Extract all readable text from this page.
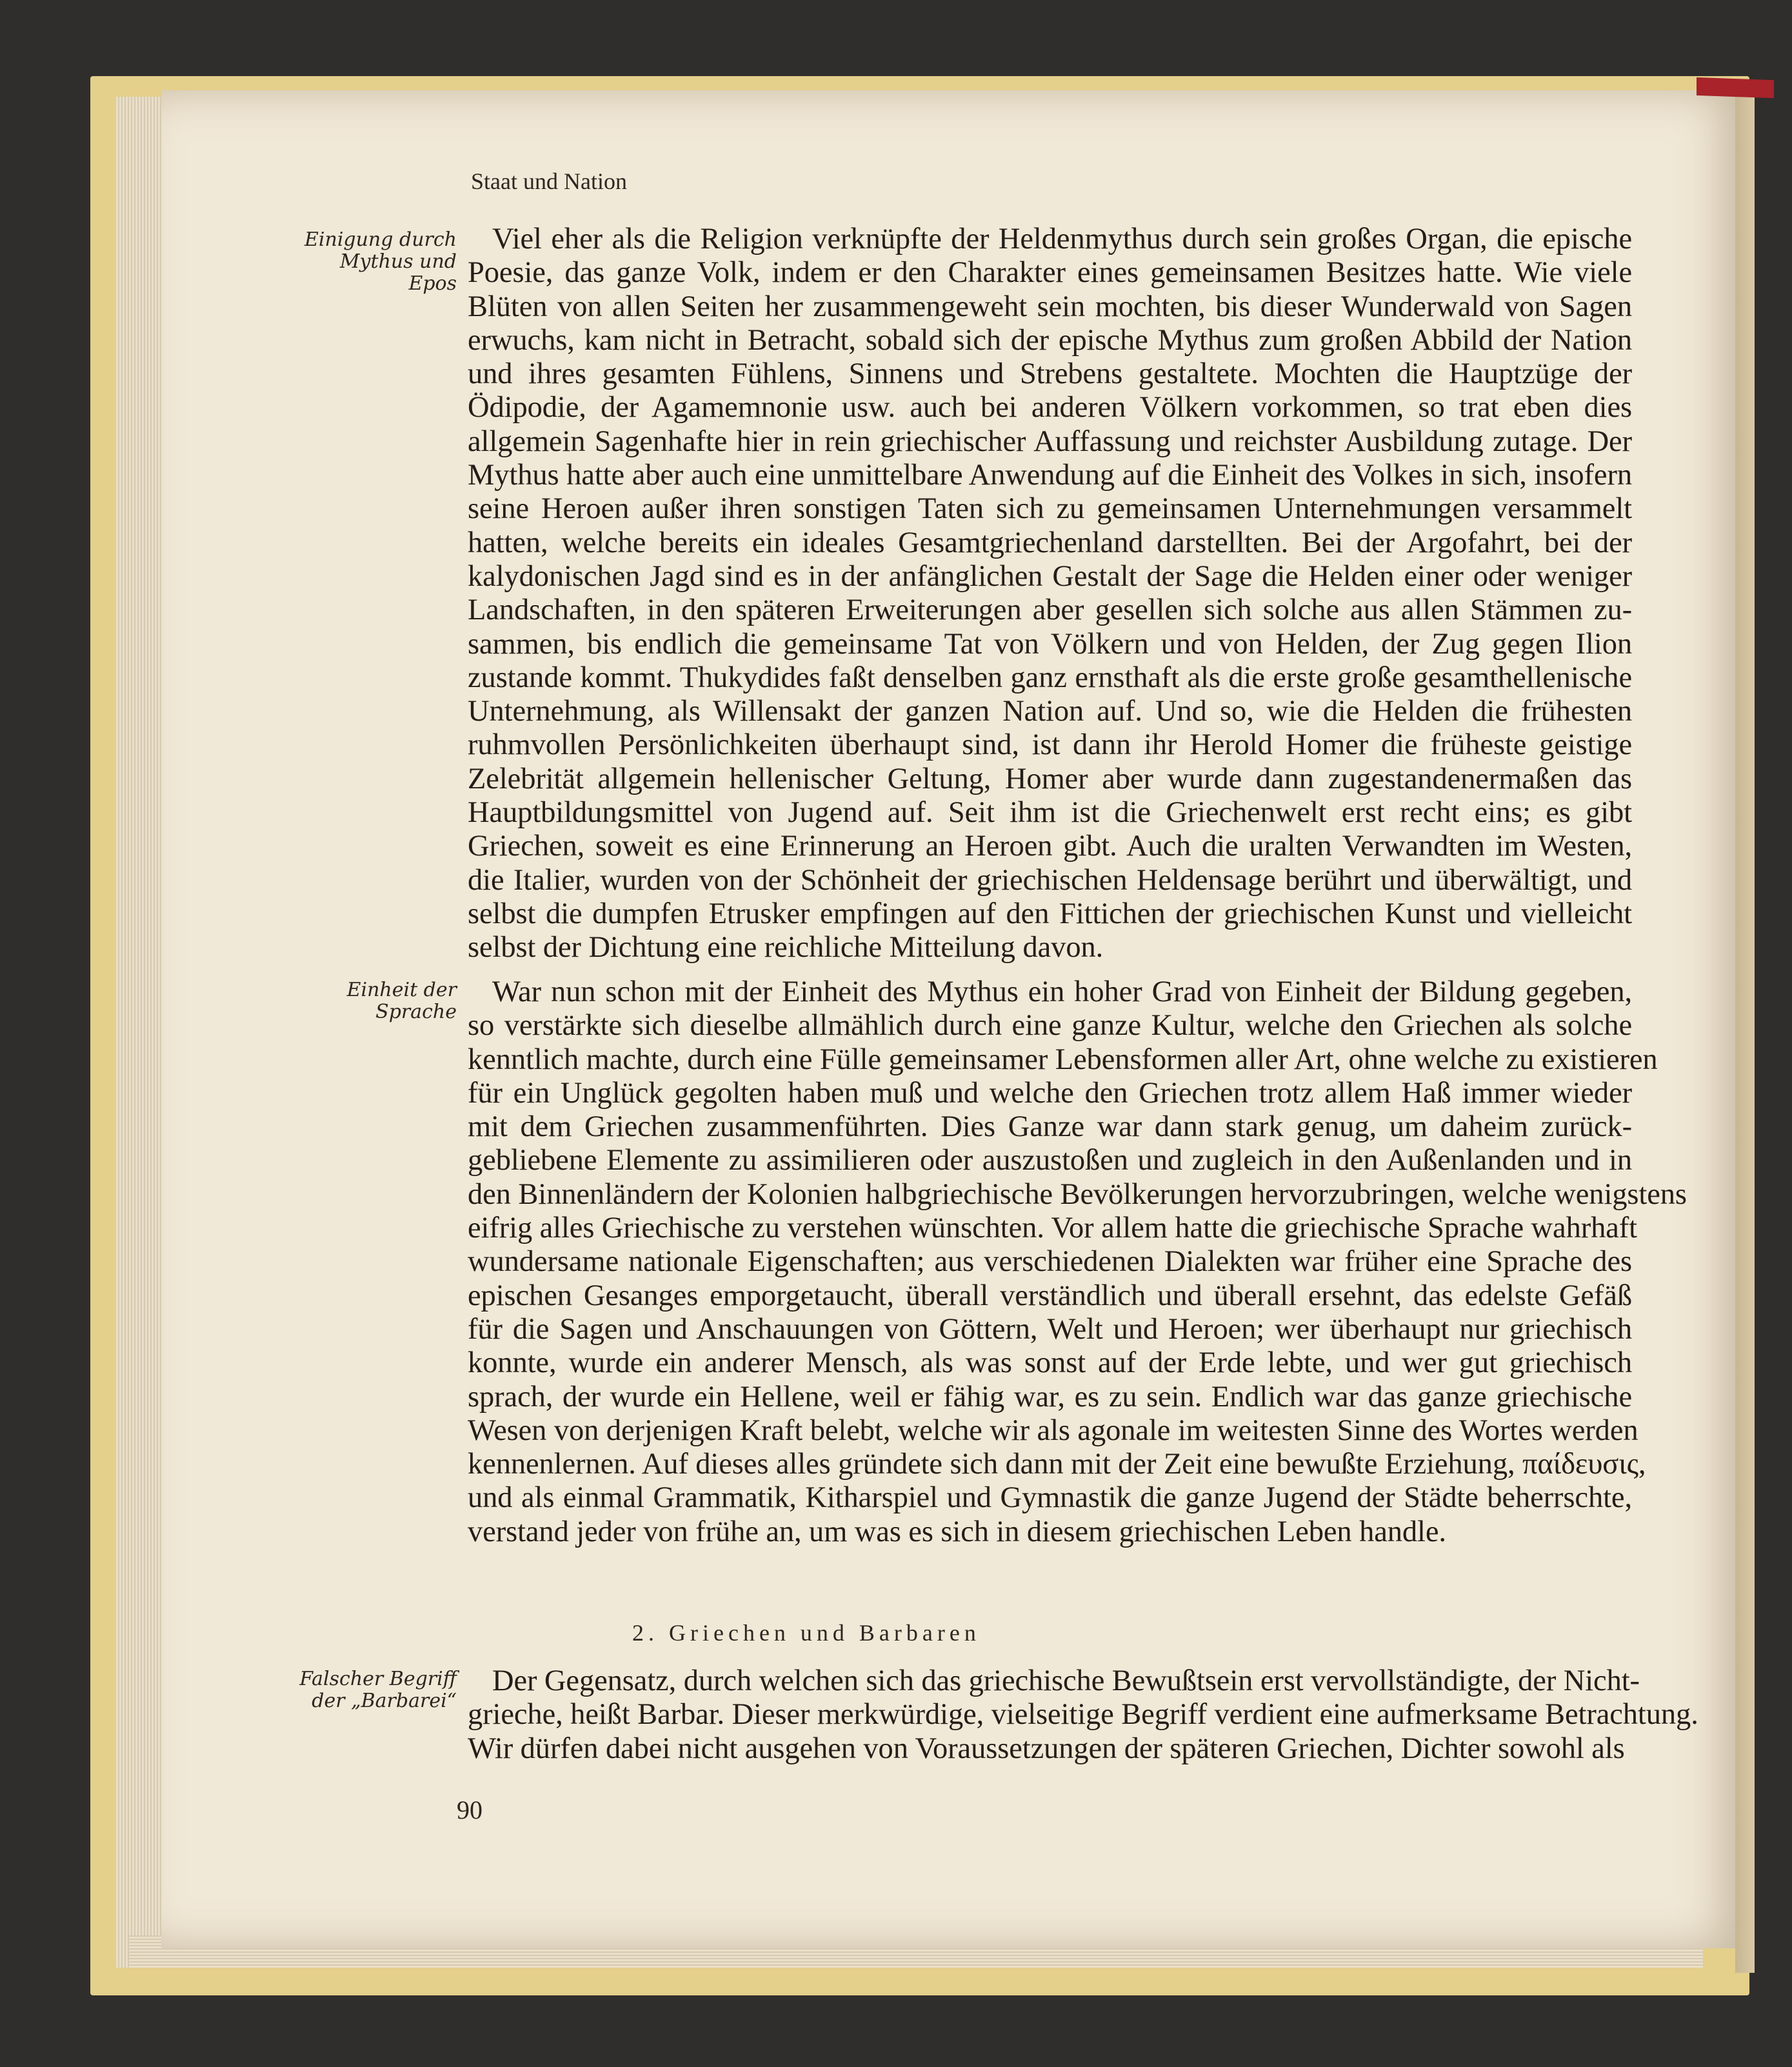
Staat und Nation
Einigung durch
Mythus und
Epos
Einheit der
Sprache
Falscher Begriff
der „Barbarei“
Viel eher als die Religion verknüpfte der Heldenmythus durch sein großes Organ, die epische
Poesie, das ganze Volk, indem er den Charakter eines gemeinsamen Besitzes hatte. Wie viele
Blüten von allen Seiten her zusammengeweht sein mochten, bis dieser Wunderwald von Sagen
erwuchs, kam nicht in Betracht, sobald sich der epische Mythus zum großen Abbild der Nation
und ihres gesamten Fühlens, Sinnens und Strebens gestaltete. Mochten die Hauptzüge der
Ödipodie, der Agamemnonie usw. auch bei anderen Völkern vorkommen, so trat eben dies
allgemein Sagenhafte hier in rein griechischer Auffassung und reichster Ausbildung zutage. Der
Mythus hatte aber auch eine unmittelbare Anwendung auf die Einheit des Volkes in sich, insofern
seine Heroen außer ihren sonstigen Taten sich zu gemeinsamen Unternehmungen versammelt
hatten, welche bereits ein ideales Gesamtgriechenland darstellten. Bei der Argofahrt, bei der
kalydonischen Jagd sind es in der anfänglichen Gestalt der Sage die Helden einer oder weniger
Landschaften, in den späteren Erweiterungen aber gesellen sich solche aus allen Stämmen zu-
sammen, bis endlich die gemeinsame Tat von Völkern und von Helden, der Zug gegen Ilion
zustande kommt. Thukydides faßt denselben ganz ernsthaft als die erste große gesamthellenische
Unternehmung, als Willensakt der ganzen Nation auf. Und so, wie die Helden die frühesten
ruhmvollen Persönlichkeiten überhaupt sind, ist dann ihr Herold Homer die früheste geistige
Zelebrität allgemein hellenischer Geltung, Homer aber wurde dann zugestandenermaßen das
Hauptbildungsmittel von Jugend auf. Seit ihm ist die Griechenwelt erst recht eins; es gibt
Griechen, soweit es eine Erinnerung an Heroen gibt. Auch die uralten Verwandten im Westen,
die Italier, wurden von der Schönheit der griechischen Heldensage berührt und überwältigt, und
selbst die dumpfen Etrusker empfingen auf den Fittichen der griechischen Kunst und vielleicht
selbst der Dichtung eine reichliche Mitteilung davon.
War nun schon mit der Einheit des Mythus ein hoher Grad von Einheit der Bildung gegeben,
so verstärkte sich dieselbe allmählich durch eine ganze Kultur, welche den Griechen als solche
kenntlich machte, durch eine Fülle gemeinsamer Lebensformen aller Art, ohne welche zu existieren
für ein Unglück gegolten haben muß und welche den Griechen trotz allem Haß immer wieder
mit dem Griechen zusammenführten. Dies Ganze war dann stark genug, um daheim zurück-
gebliebene Elemente zu assimilieren oder auszustoßen und zugleich in den Außenlanden und in
den Binnenländern der Kolonien halbgriechische Bevölkerungen hervorzubringen, welche wenigstens
eifrig alles Griechische zu verstehen wünschten. Vor allem hatte die griechische Sprache wahrhaft
wundersame nationale Eigenschaften; aus verschiedenen Dialekten war früher eine Sprache des
epischen Gesanges emporgetaucht, überall verständlich und überall ersehnt, das edelste Gefäß
für die Sagen und Anschauungen von Göttern, Welt und Heroen; wer überhaupt nur griechisch
konnte, wurde ein anderer Mensch, als was sonst auf der Erde lebte, und wer gut griechisch
sprach, der wurde ein Hellene, weil er fähig war, es zu sein. Endlich war das ganze griechische
Wesen von derjenigen Kraft belebt, welche wir als agonale im weitesten Sinne des Wortes werden
kennenlernen. Auf dieses alles gründete sich dann mit der Zeit eine bewußte Erziehung, παίδευσις,
und als einmal Grammatik, Kitharspiel und Gymnastik die ganze Jugend der Städte beherrschte,
verstand jeder von frühe an, um was es sich in diesem griechischen Leben handle.
2. Griechen und Barbaren
Der Gegensatz, durch welchen sich das griechische Bewußtsein erst vervollständigte, der Nicht-
grieche, heißt Barbar. Dieser merkwürdige, vielseitige Begriff verdient eine aufmerksame Betrachtung.
Wir dürfen dabei nicht ausgehen von Voraussetzungen der späteren Griechen, Dichter sowohl als
90
